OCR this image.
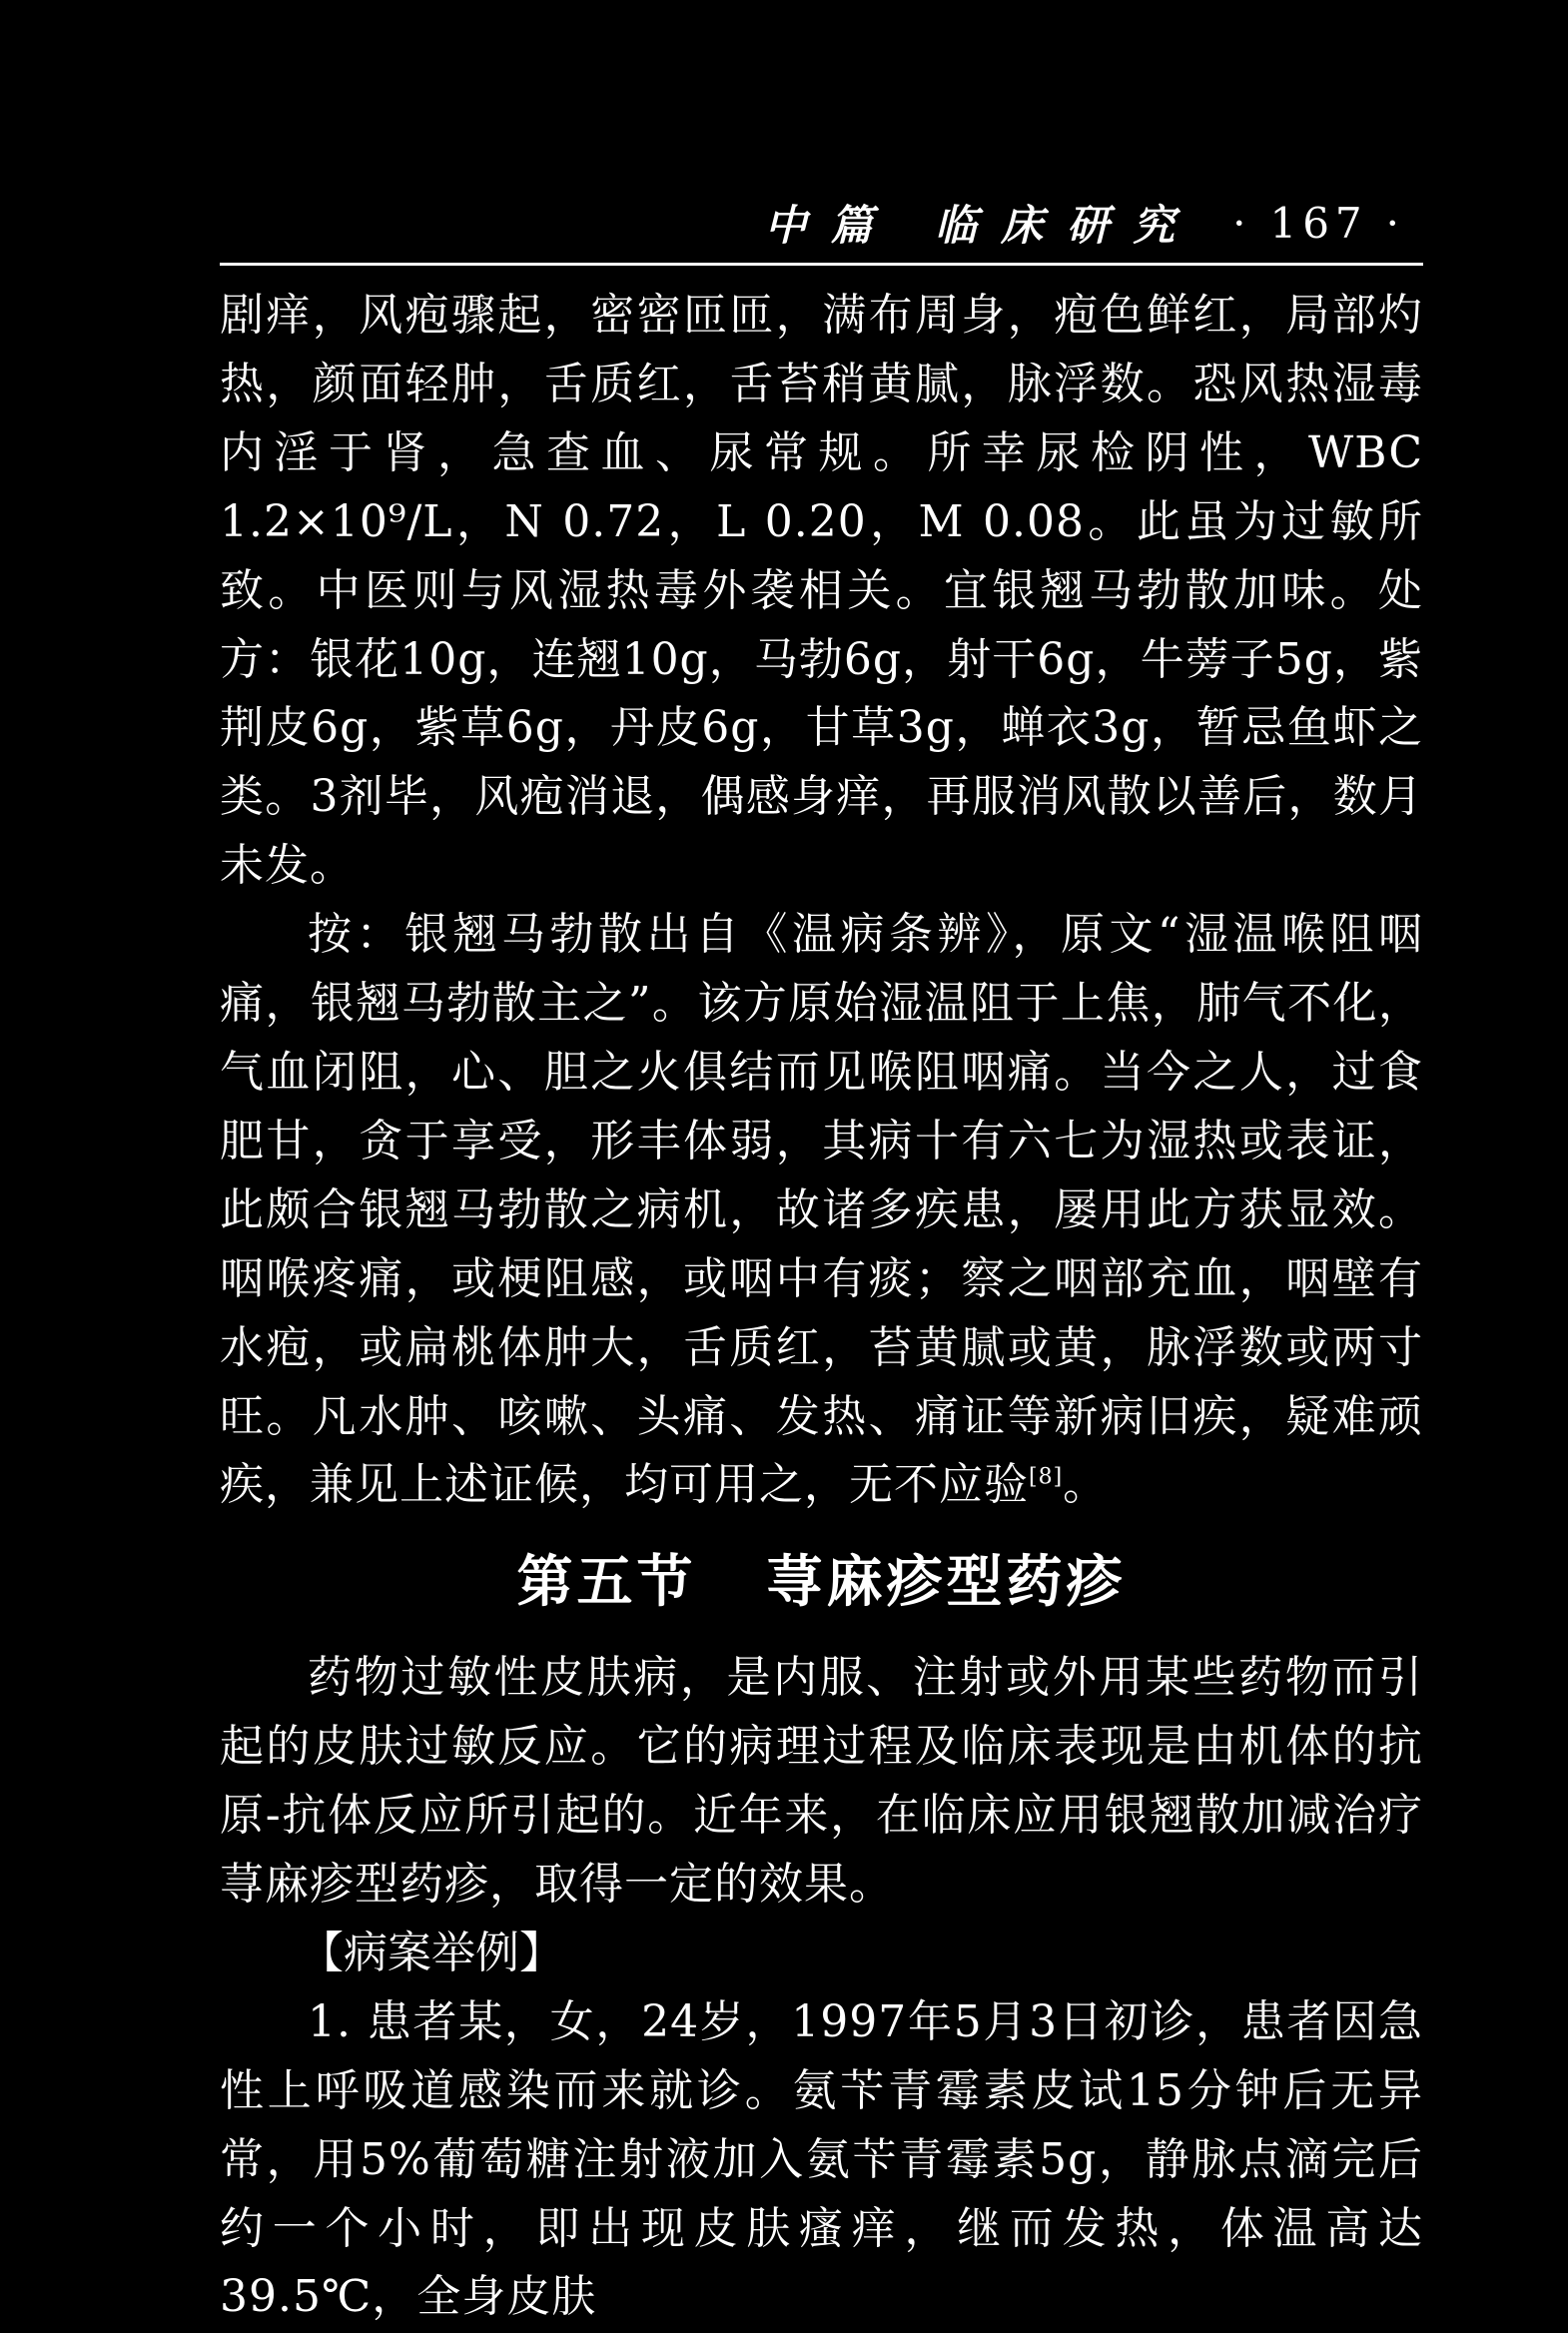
中篇 临床研究 · 167 ·

剧痒，风疱骤起，密密匝匝，满布周身，疱色鲜红，局部灼热，颜面轻肿，舌质红，舌苔稍黄腻，脉浮数。恐风热湿毒内淫于肾，急查血、尿常规。所幸尿检阴性，WBC 1.2×10⁹/L，N 0.72，L 0.20，M 0.08。此虽为过敏所致。中医则与风湿热毒外袭相关。宜银翘马勃散加味。处方：银花10g，连翘10g，马勃6g，射干6g，牛蒡子5g，紫荆皮6g，紫草6g，丹皮6g，甘草3g，蝉衣3g，暂忌鱼虾之类。3剂毕，风疱消退，偶感身痒，再服消风散以善后，数月未发。

按：银翘马勃散出自《温病条辨》，原文“湿温喉阻咽痛，银翘马勃散主之”。该方原始湿温阻于上焦，肺气不化，气血闭阻，心、胆之火俱结而见喉阻咽痛。当今之人，过食肥甘，贪于享受，形丰体弱，其病十有六七为湿热或表证，此颇合银翘马勃散之病机，故诸多疾患，屡用此方获显效。咽喉疼痛，或梗阻感，或咽中有痰；察之咽部充血，咽壁有水疱，或扁桃体肿大，舌质红，苔黄腻或黄，脉浮数或两寸旺。凡水肿、咳嗽、头痛、发热、痛证等新病旧疾，疑难顽疾，兼见上述证候，均可用之，无不应验[8]。

第五节 荨麻疹型药疹

药物过敏性皮肤病，是内服、注射或外用某些药物而引起的皮肤过敏反应。它的病理过程及临床表现是由机体的抗原-抗体反应所引起的。近年来，在临床应用银翘散加减治疗荨麻疹型药疹，取得一定的效果。

【病案举例】

1. 患者某，女，24岁，1997年5月3日初诊，患者因急性上呼吸道感染而来就诊。氨苄青霉素皮试15分钟后无异常，用5%葡萄糖注射液加入氨苄青霉素5g，静脉点滴完后约一个小时，即出现皮肤瘙痒，继而发热，体温高达39.5℃，全身皮肤
